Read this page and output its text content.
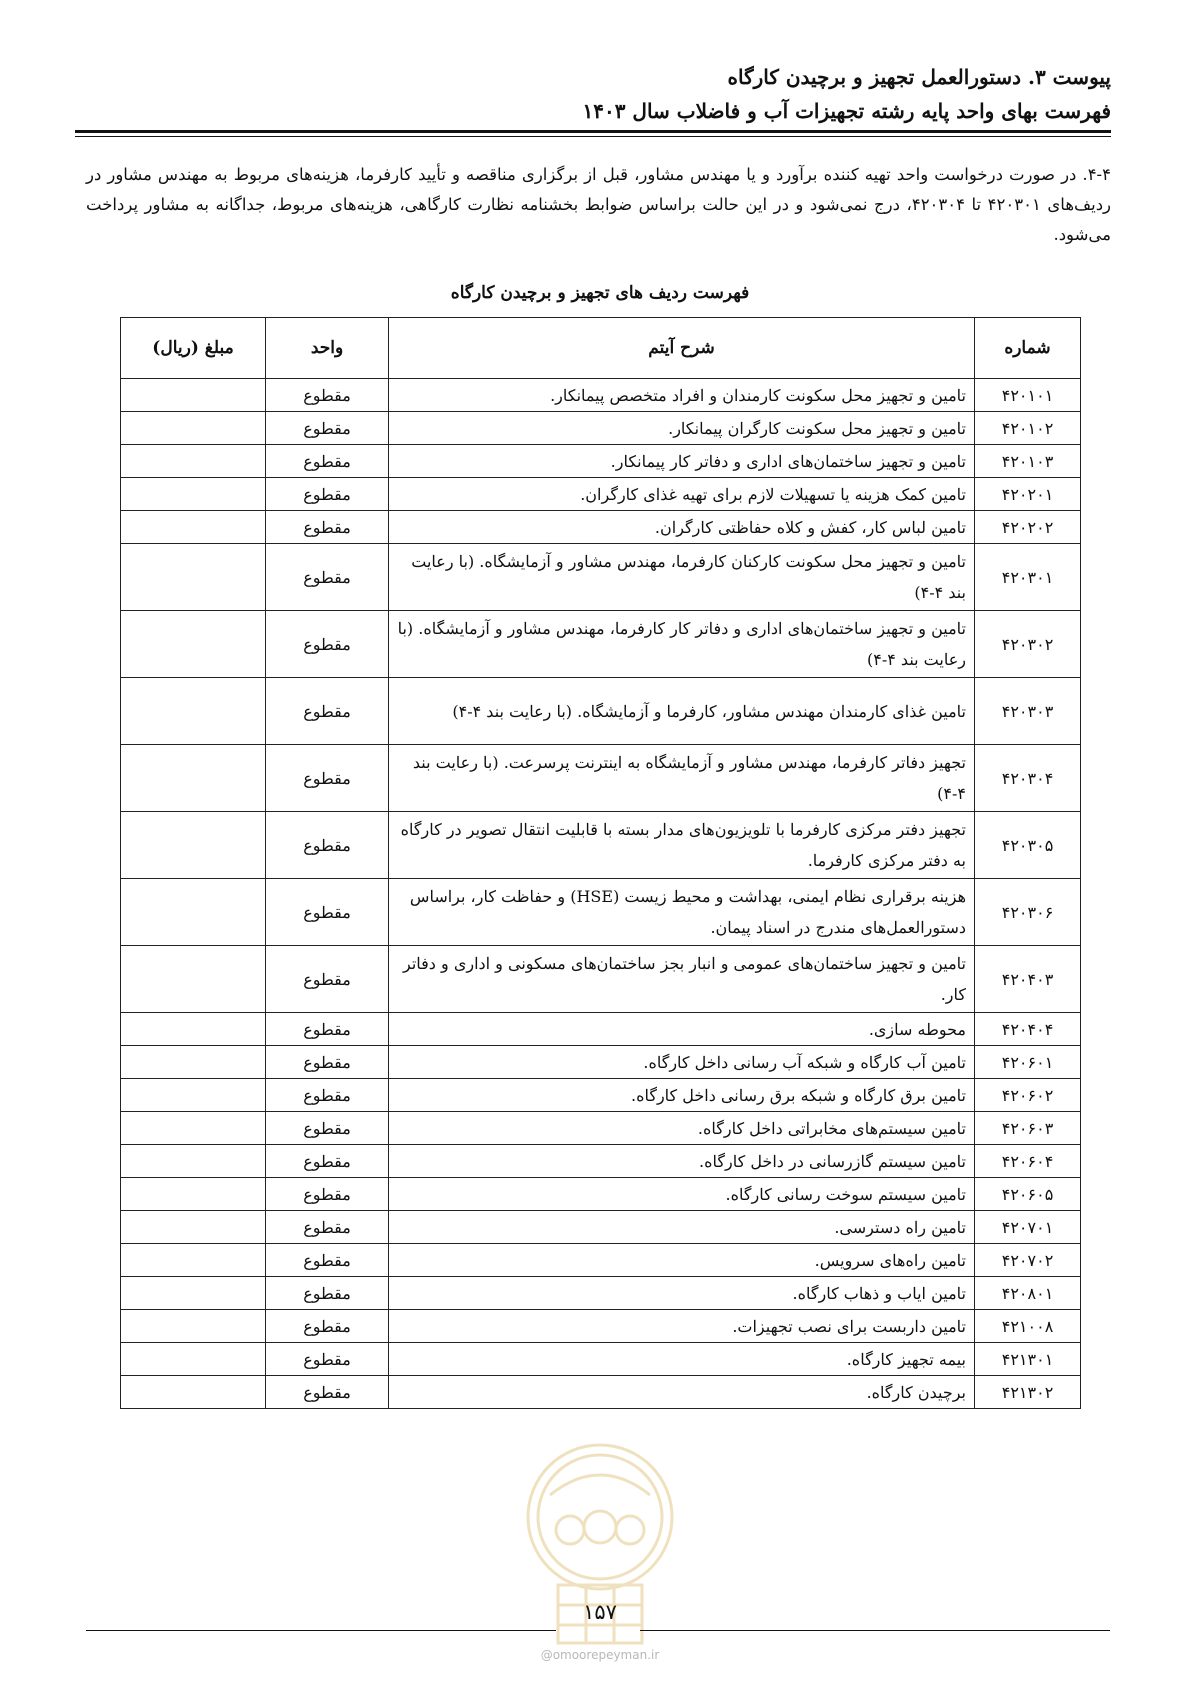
پیوست ۳. دستورالعمل تجهیز و برچیدن کارگاه
فهرست بهای واحد پایه رشته تجهیزات آب و فاضلاب سال ۱۴۰۳

۴-۴. در صورت درخواست واحد تهیه کننده برآورد و یا مهندس مشاور، قبل از برگزاری مناقصه و تأیید کارفرما، هزینه‌های مربوط به مهندس مشاور در ردیف‌های ۴۲۰۳۰۱ تا ۴۲۰۳۰۴، درج نمی‌شود و در این حالت براساس ضوابط بخشنامه نظارت کارگاهی، هزینه‌های مربوط، جداگانه به مشاور پرداخت می‌شود.

فهرست ردیف های تجهیز و برچیدن کارگاه
شماره	شرح آیتم	واحد	مبلغ (ریال)
۴۲۰۱۰۱	تامین و تجهیز محل سکونت کارمندان و افراد متخصص پیمانکار.	مقطوع	
۴۲۰۱۰۲	تامین و تجهیز محل سکونت کارگران پیمانکار.	مقطوع	
۴۲۰۱۰۳	تامین و تجهیز ساختمان‌های اداری و دفاتر کار پیمانکار.	مقطوع	
۴۲۰۲۰۱	تامین کمک هزینه یا تسهیلات لازم برای تهیه غذای کارگران.	مقطوع	
۴۲۰۲۰۲	تامین لباس کار، کفش و کلاه حفاظتی کارگران.	مقطوع	
۴۲۰۳۰۱	تامین و تجهیز محل سکونت کارکنان کارفرما، مهندس مشاور و آزمایشگاه. (با رعایت بند ۴-۴)	مقطوع	
۴۲۰۳۰۲	تامین و تجهیز ساختمان‌های اداری و دفاتر کار کارفرما، مهندس مشاور و آزمایشگاه. (با رعایت بند ۴-۴)	مقطوع	
۴۲۰۳۰۳	تامین غذای کارمندان مهندس مشاور، کارفرما و آزمایشگاه. (با رعایت بند ۴-۴)	مقطوع	
۴۲۰۳۰۴	تجهیز دفاتر کارفرما، مهندس مشاور و آزمایشگاه به اینترنت پرسرعت. (با رعایت بند ۴-۴)	مقطوع	
۴۲۰۳۰۵	تجهیز دفتر مرکزی کارفرما با تلویزیون‌های مدار بسته با قابلیت انتقال تصویر در کارگاه به دفتر مرکزی کارفرما.	مقطوع	
۴۲۰۳۰۶	هزینه برقراری نظام ایمنی، بهداشت و محیط زیست (HSE) و حفاظت کار، براساس دستورالعمل‌های مندرج در اسناد پیمان.	مقطوع	
۴۲۰۴۰۳	تامین و تجهیز ساختمان‌های عمومی و انبار بجز ساختمان‌های مسکونی و اداری و دفاتر کار.	مقطوع	
۴۲۰۴۰۴	محوطه سازی.	مقطوع	
۴۲۰۶۰۱	تامین آب کارگاه و شبکه آب رسانی داخل کارگاه.	مقطوع	
۴۲۰۶۰۲	تامین برق کارگاه و شبکه برق رسانی داخل کارگاه.	مقطوع	
۴۲۰۶۰۳	تامین سیستم‌های مخابراتی داخل کارگاه.	مقطوع	
۴۲۰۶۰۴	تامین سیستم گازرسانی در داخل کارگاه.	مقطوع	
۴۲۰۶۰۵	تامین سیستم سوخت رسانی کارگاه.	مقطوع	
۴۲۰۷۰۱	تامین راه دسترسی.	مقطوع	
۴۲۰۷۰۲	تامین راه‌های سرویس.	مقطوع	
۴۲۰۸۰۱	تامین ایاب و ذهاب کارگاه.	مقطوع	
۴۲۱۰۰۸	تامین داربست برای نصب تجهیزات.	مقطوع	
۴۲۱۳۰۱	بیمه تجهیز کارگاه.	مقطوع	
۴۲۱۳۰۲	برچیدن کارگاه.	مقطوع	
۱۵۷
@omoorepeyman.ir
